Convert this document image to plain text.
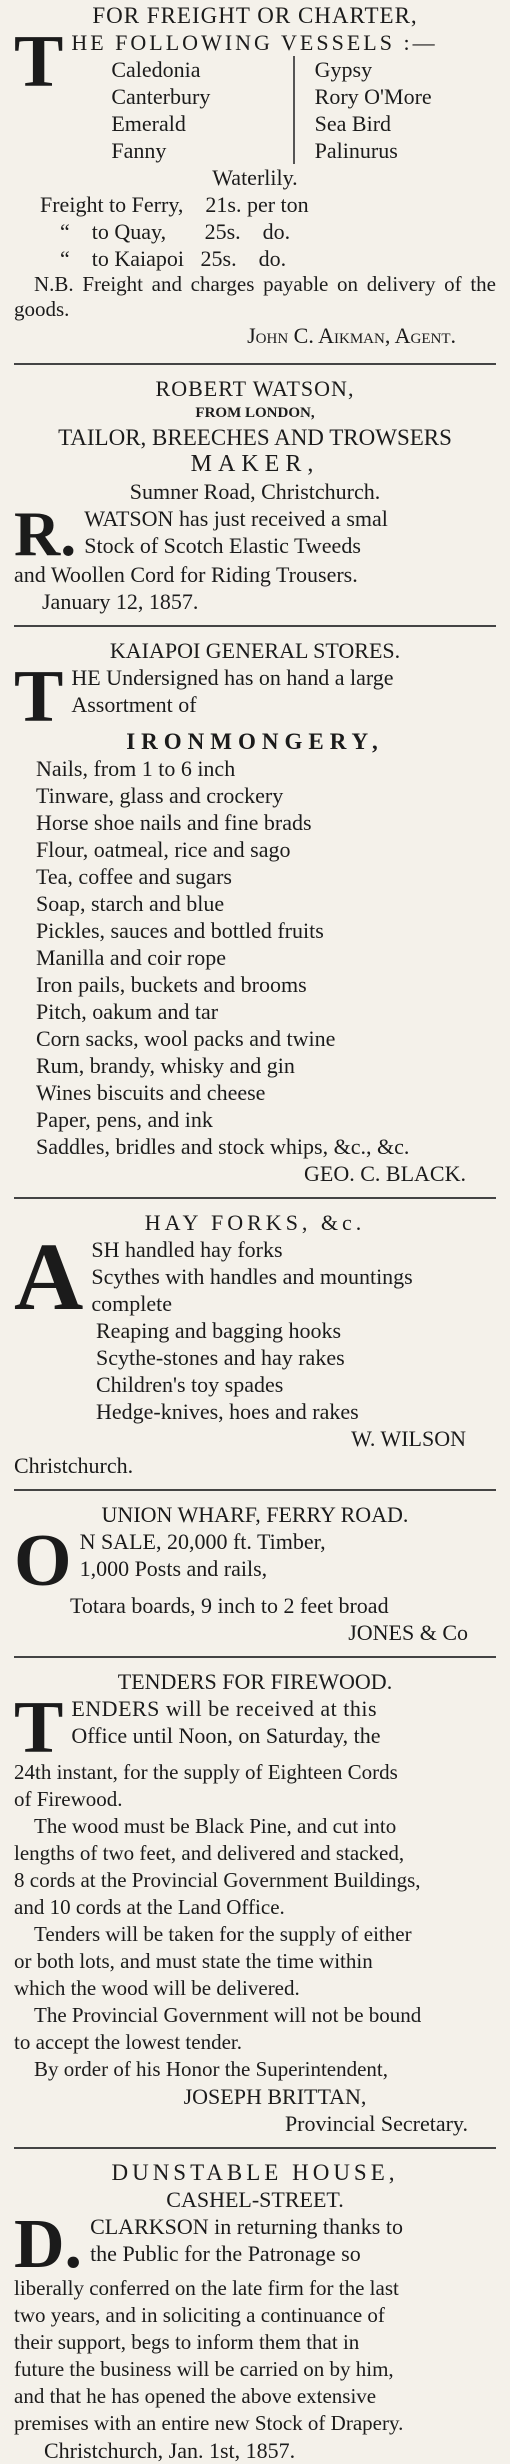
FOR FREIGHT OR CHARTER,
T HE FOLLOWING VESSELS :—
Caledonia
Canterbury
Emerald
Fanny
Gypsy
Rory O'More
Sea Bird
Palinurus
Waterlily.
Freight to Ferry,    21s. per ton
“    to Quay,       25s.    do.
“    to Kaiapoi   25s.    do.
N.B. Freight and charges payable on delivery of the goods.
John C. Aikman, Agent.
ROBERT WATSON,
FROM LONDON,
TAILOR, BREECHES AND TROWSERS
MAKER,
Sumner Road, Christchurch.
R. WATSON has just received a smal
Stock of Scotch Elastic Tweeds
and Woollen Cord for Riding Trousers.
January 12, 1857.
KAIAPOI GENERAL STORES.
T HE Undersigned has on hand a large
Assortment of
IRONMONGERY,
Nails, from 1 to 6 inch
Tinware, glass and crockery
Horse shoe nails and fine brads
Flour, oatmeal, rice and sago
Tea, coffee and sugars
Soap, starch and blue
Pickles, sauces and bottled fruits
Manilla and coir rope
Iron pails, buckets and brooms
Pitch, oakum and tar
Corn sacks, wool packs and twine
Rum, brandy, whisky and gin
Wines biscuits and cheese
Paper, pens, and ink
Saddles, bridles and stock whips, &c., &c.
GEO. C. BLACK.
HAY FORKS, &c.
A SH handled hay forks
Scythes with handles and mountings
complete
Reaping and bagging hooks
Scythe-stones and hay rakes
Children's toy spades
Hedge-knives, hoes and rakes
W. WILSON
Christchurch.
UNION WHARF, FERRY ROAD.
O N SALE, 20,000 ft. Timber,
1,000 Posts and rails,
Totara boards, 9 inch to 2 feet broad
JONES & Co
TENDERS FOR FIREWOOD.
T ENDERS will be received at this
Office until Noon, on Saturday, the
24th instant, for the supply of Eighteen Cords
of Firewood.
The wood must be Black Pine, and cut into
lengths of two feet, and delivered and stacked,
8 cords at the Provincial Government Buildings,
and 10 cords at the Land Office.
Tenders will be taken for the supply of either
or both lots, and must state the time within
which the wood will be delivered.
The Provincial Government will not be bound
to accept the lowest tender.
By order of his Honor the Superintendent,
JOSEPH BRITTAN,
Provincial Secretary.
DUNSTABLE HOUSE,
CASHEL-STREET.
D. CLARKSON in returning thanks to
the Public for the Patronage so
liberally conferred on the late firm for the last
two years, and in soliciting a continuance of
their support, begs to inform them that in
future the business will be carried on by him,
and that he has opened the above extensive
premises with an entire new Stock of Drapery.
Christchurch, Jan. 1st, 1857.
